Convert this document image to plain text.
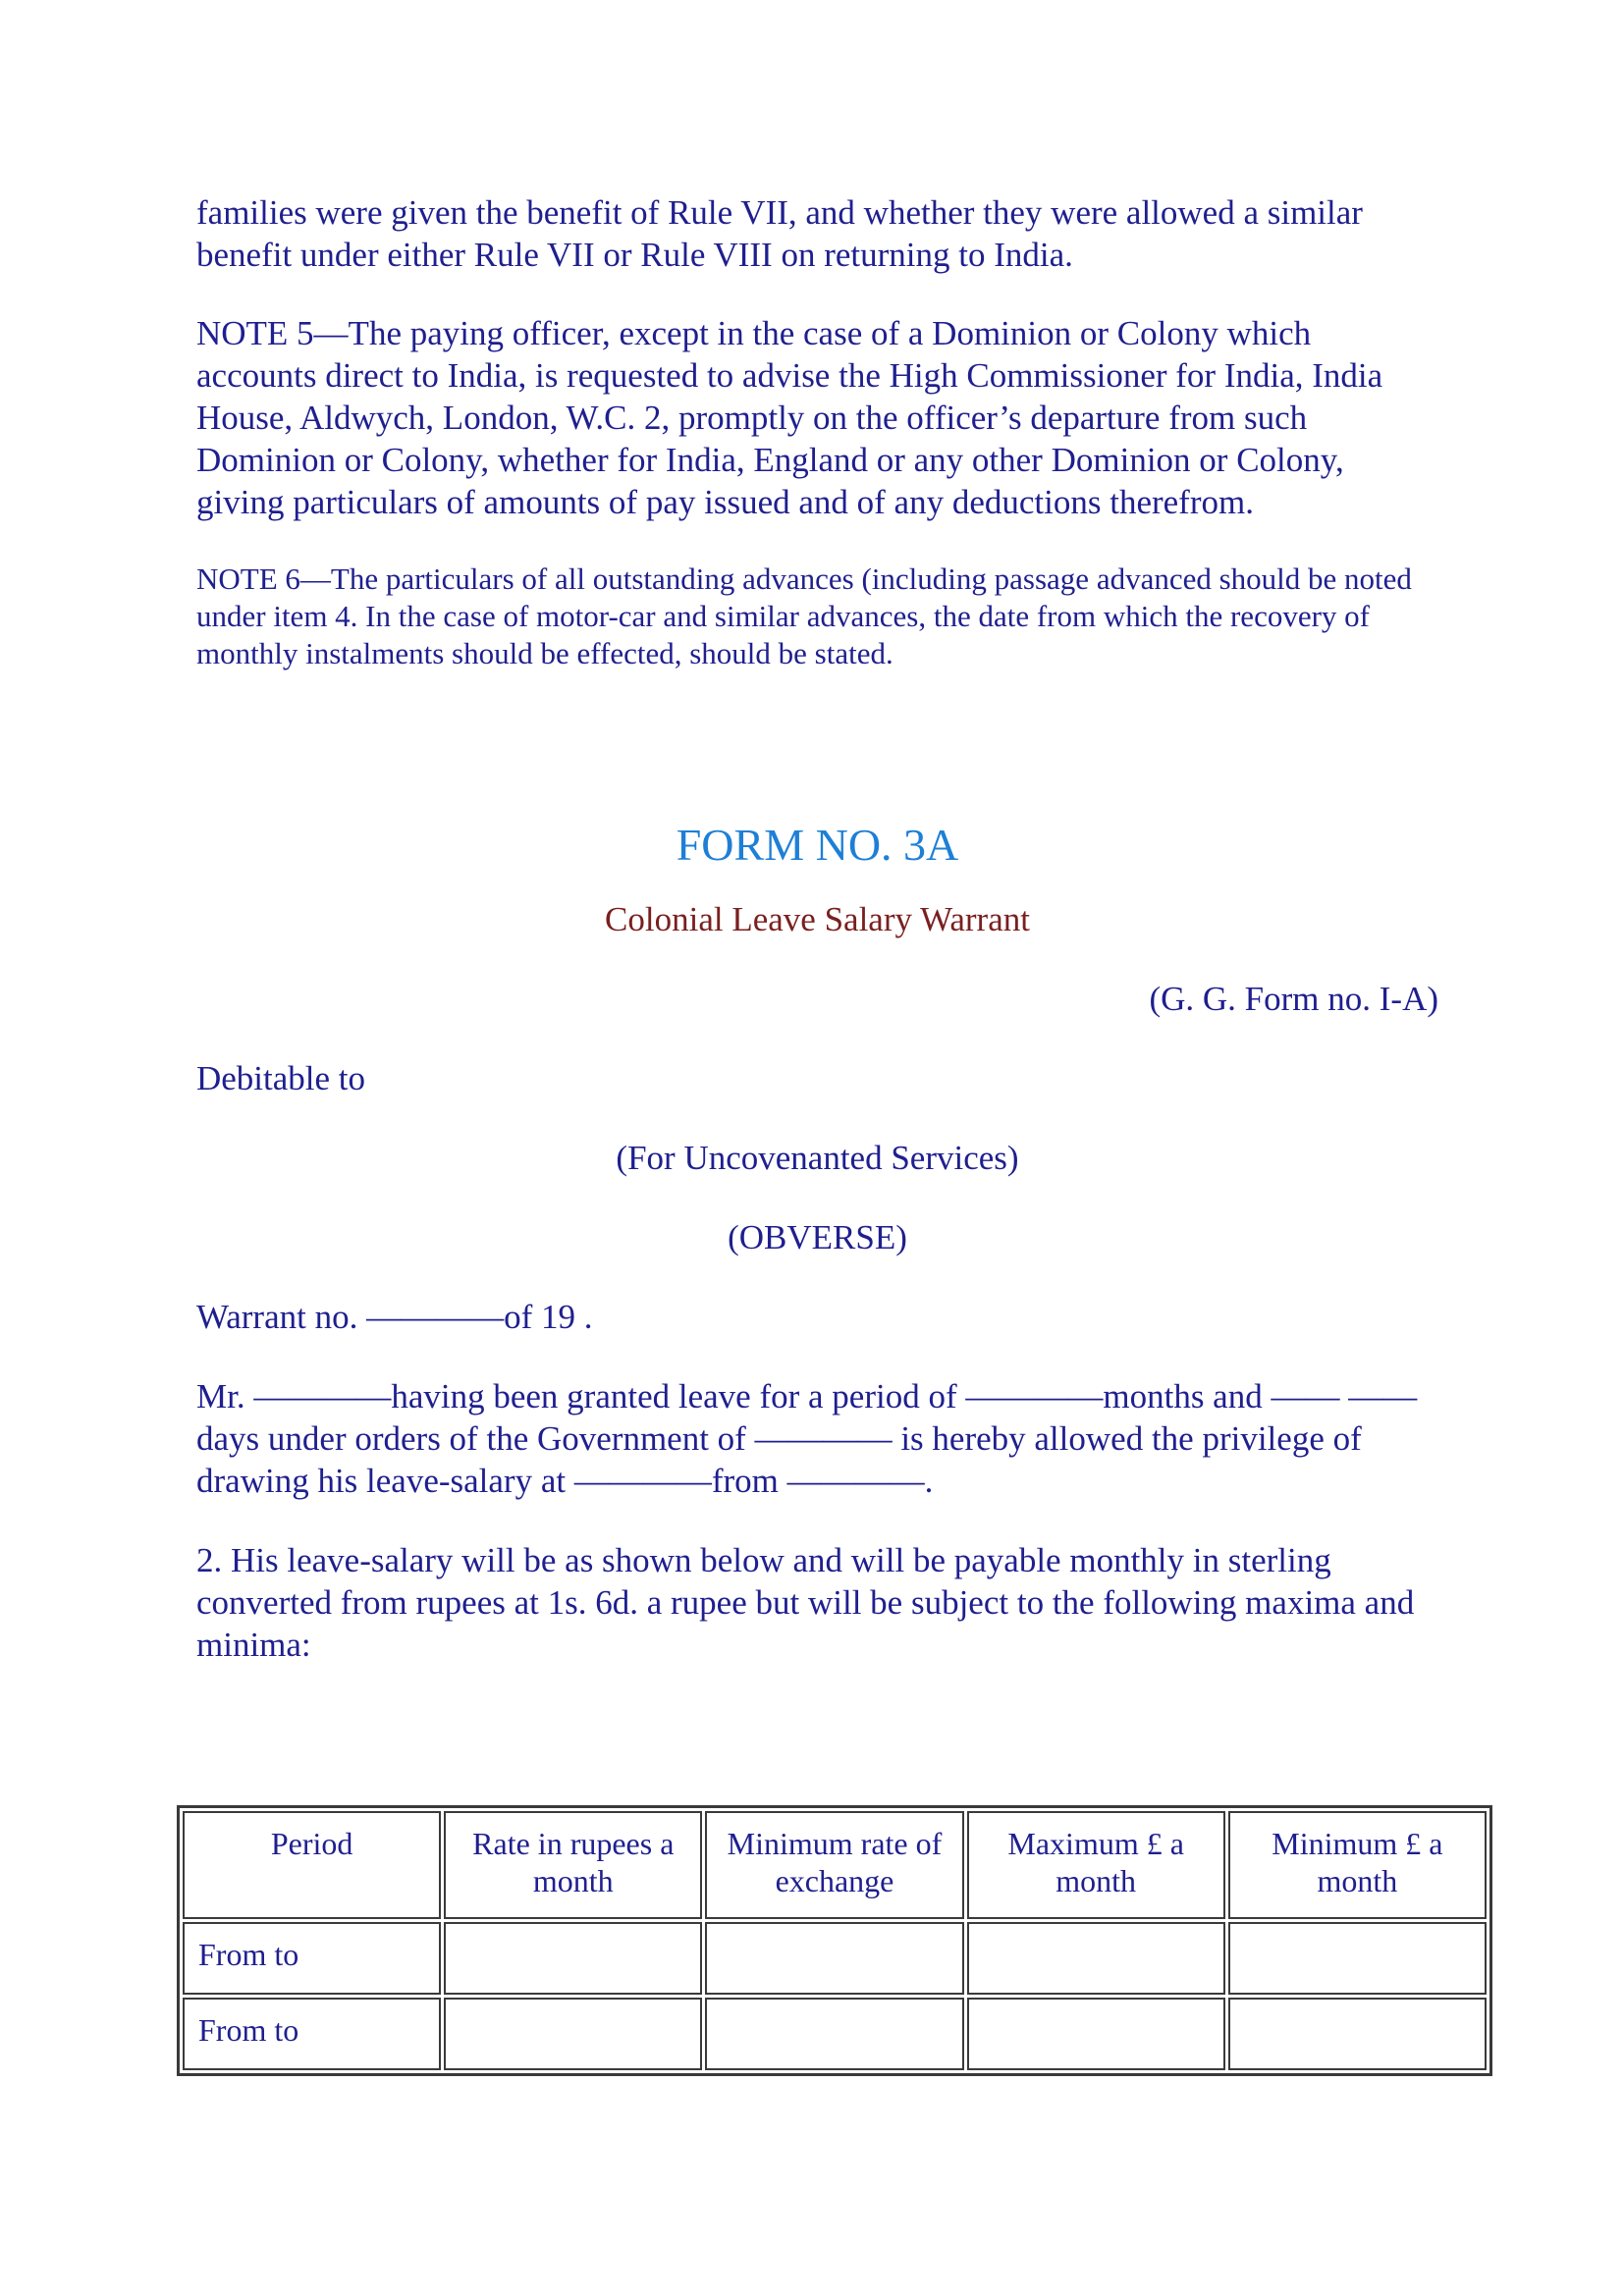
families were given the benefit of Rule VII, and whether they were allowed a similar benefit under either Rule VII or Rule VIII on returning to India.

NOTE 5—The paying officer, except in the case of a Dominion or Colony which accounts direct to India, is requested to advise the High Commissioner for India, India House, Aldwych, London, W.C. 2, promptly on the officer’s departure from such Dominion or Colony, whether for India, England or any other Dominion or Colony, giving particulars of amounts of pay issued and of any deductions therefrom.

NOTE 6—The particulars of all outstanding advances (including passage advanced should be noted under item 4. In the case of motor-car and similar advances, the date from which the recovery of monthly instalments should be effected, should be stated.

FORM NO. 3A

Colonial Leave Salary Warrant

(G. G. Form no. I-A)

Debitable to

(For Uncovenanted Services)

(OBVERSE)

Warrant no. ————of 19 .

Mr. ————having been granted leave for a period of ————months and —— ——days under orders of the Government of ———— is hereby allowed the privilege of drawing his leave-salary at ————from ————.

2. His leave-salary will be as shown below and will be payable monthly in sterling converted from rupees at 1s. 6d. a rupee but will be subject to the following maxima and minima:

Period	Rate in rupees a month	Minimum rate of exchange	Maximum £ a month	Minimum £ a month
From to				
From to				
